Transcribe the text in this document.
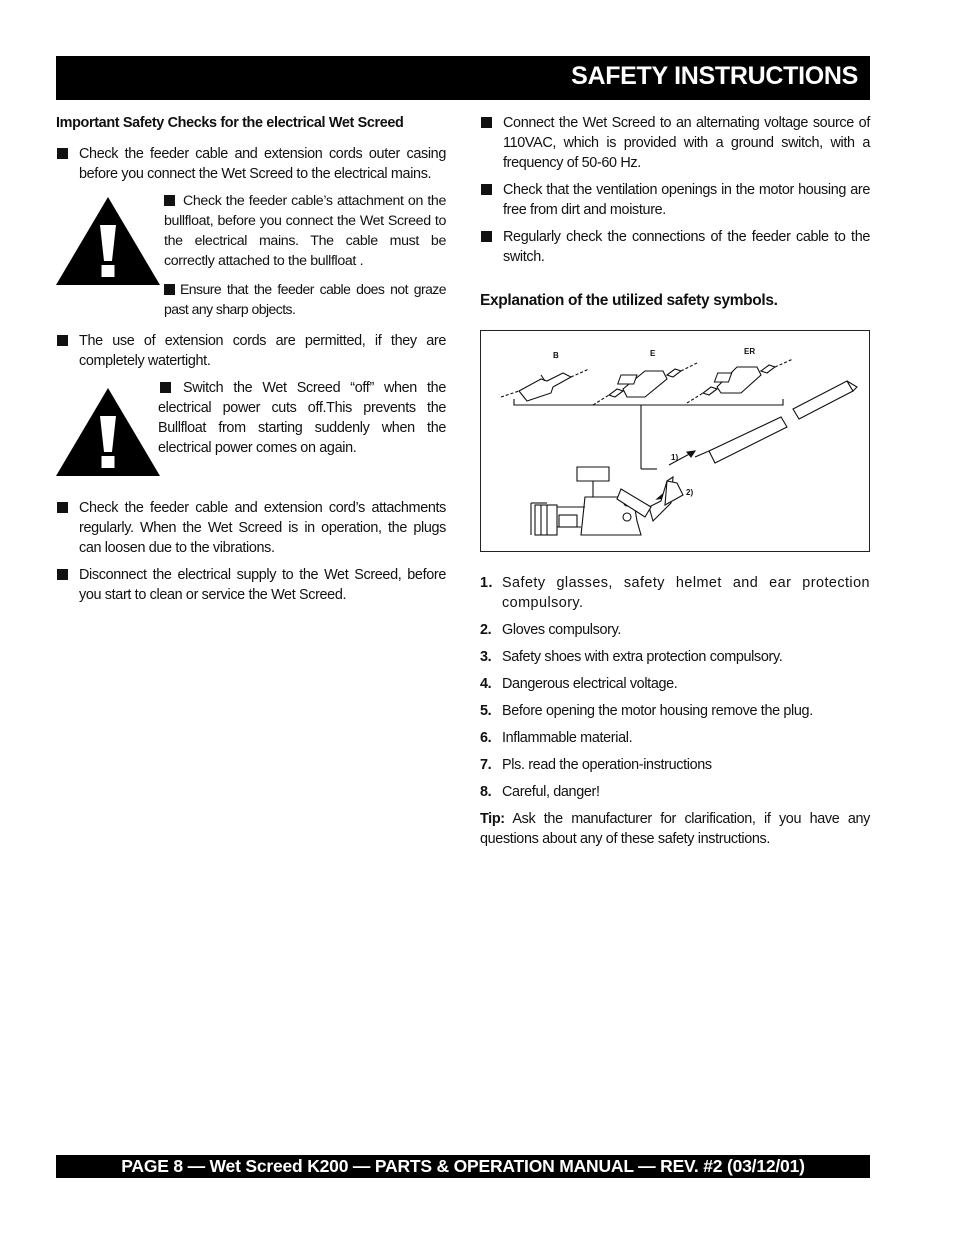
SAFETY INSTRUCTIONS
Important Safety Checks for the electrical Wet Screed
Check the feeder cable and extension cords outer casing before you connect the Wet Screed to the electrical mains.
Check the feeder cable’s attachment on the bullfloat, before you connect the Wet Screed to the electrical mains. The cable must be correctly attached to the bullfloat .
Ensure that the feeder cable does not graze past any sharp objects.
The use of extension cords are permitted, if they are completely watertight.
Switch the Wet Screed “off” when the electrical power cuts off.This prevents the Bullfloat from starting suddenly when the electrical power comes on again.
Check the feeder cable and extension cord’s attachments regularly. When the Wet Screed is in operation, the plugs can loosen due to the vibrations.
Disconnect the electrical supply to the Wet Screed, before you start to clean or service the Wet Screed.
Connect the Wet Screed to an alternating voltage source of 110VAC, which is provided with a ground switch, with a frequency of 50-60 Hz.
Check that the ventilation openings in the motor housing are free from dirt and moisture.
Regularly check the connections of the feeder cable to the switch.
Explanation of the utilized safety symbols.
B	E	ER
1)
2)
1. Safety glasses, safety helmet and ear protection compulsory.
2. Gloves compulsory.
3. Safety shoes with extra protection compulsory.
4. Dangerous electrical voltage.
5. Before opening the motor housing remove the plug.
6. Inflammable material.
7. Pls. read the operation-instructions
8. Careful, danger!

Tip: Ask the manufacturer for clarification, if you have any questions about any of these safety instructions.

PAGE 8 — Wet Screed K200 — PARTS & OPERATION MANUAL — REV. #2 (03/12/01)
